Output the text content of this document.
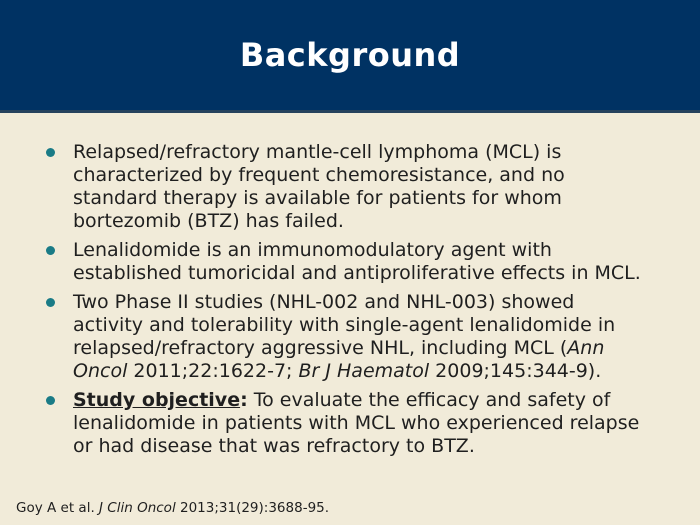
Background
Relapsed/refractory mantle-cell lymphoma (MCL) is
characterized by frequent chemoresistance, and no
standard therapy is available for patients for whom
bortezomib (BTZ) has failed.
Lenalidomide is an immunomodulatory agent with
established tumoricidal and antiproliferative effects in MCL.
Two Phase II studies (NHL-002 and NHL-003) showed
activity and tolerability with single-agent lenalidomide in
relapsed/refractory aggressive NHL, including MCL (Ann
Oncol 2011;22:1622-7; Br J Haematol 2009;145:344-9).
Study objective: To evaluate the efficacy and safety of
lenalidomide in patients with MCL who experienced relapse
or had disease that was refractory to BTZ.
Goy A et al. J Clin Oncol 2013;31(29):3688-95.
